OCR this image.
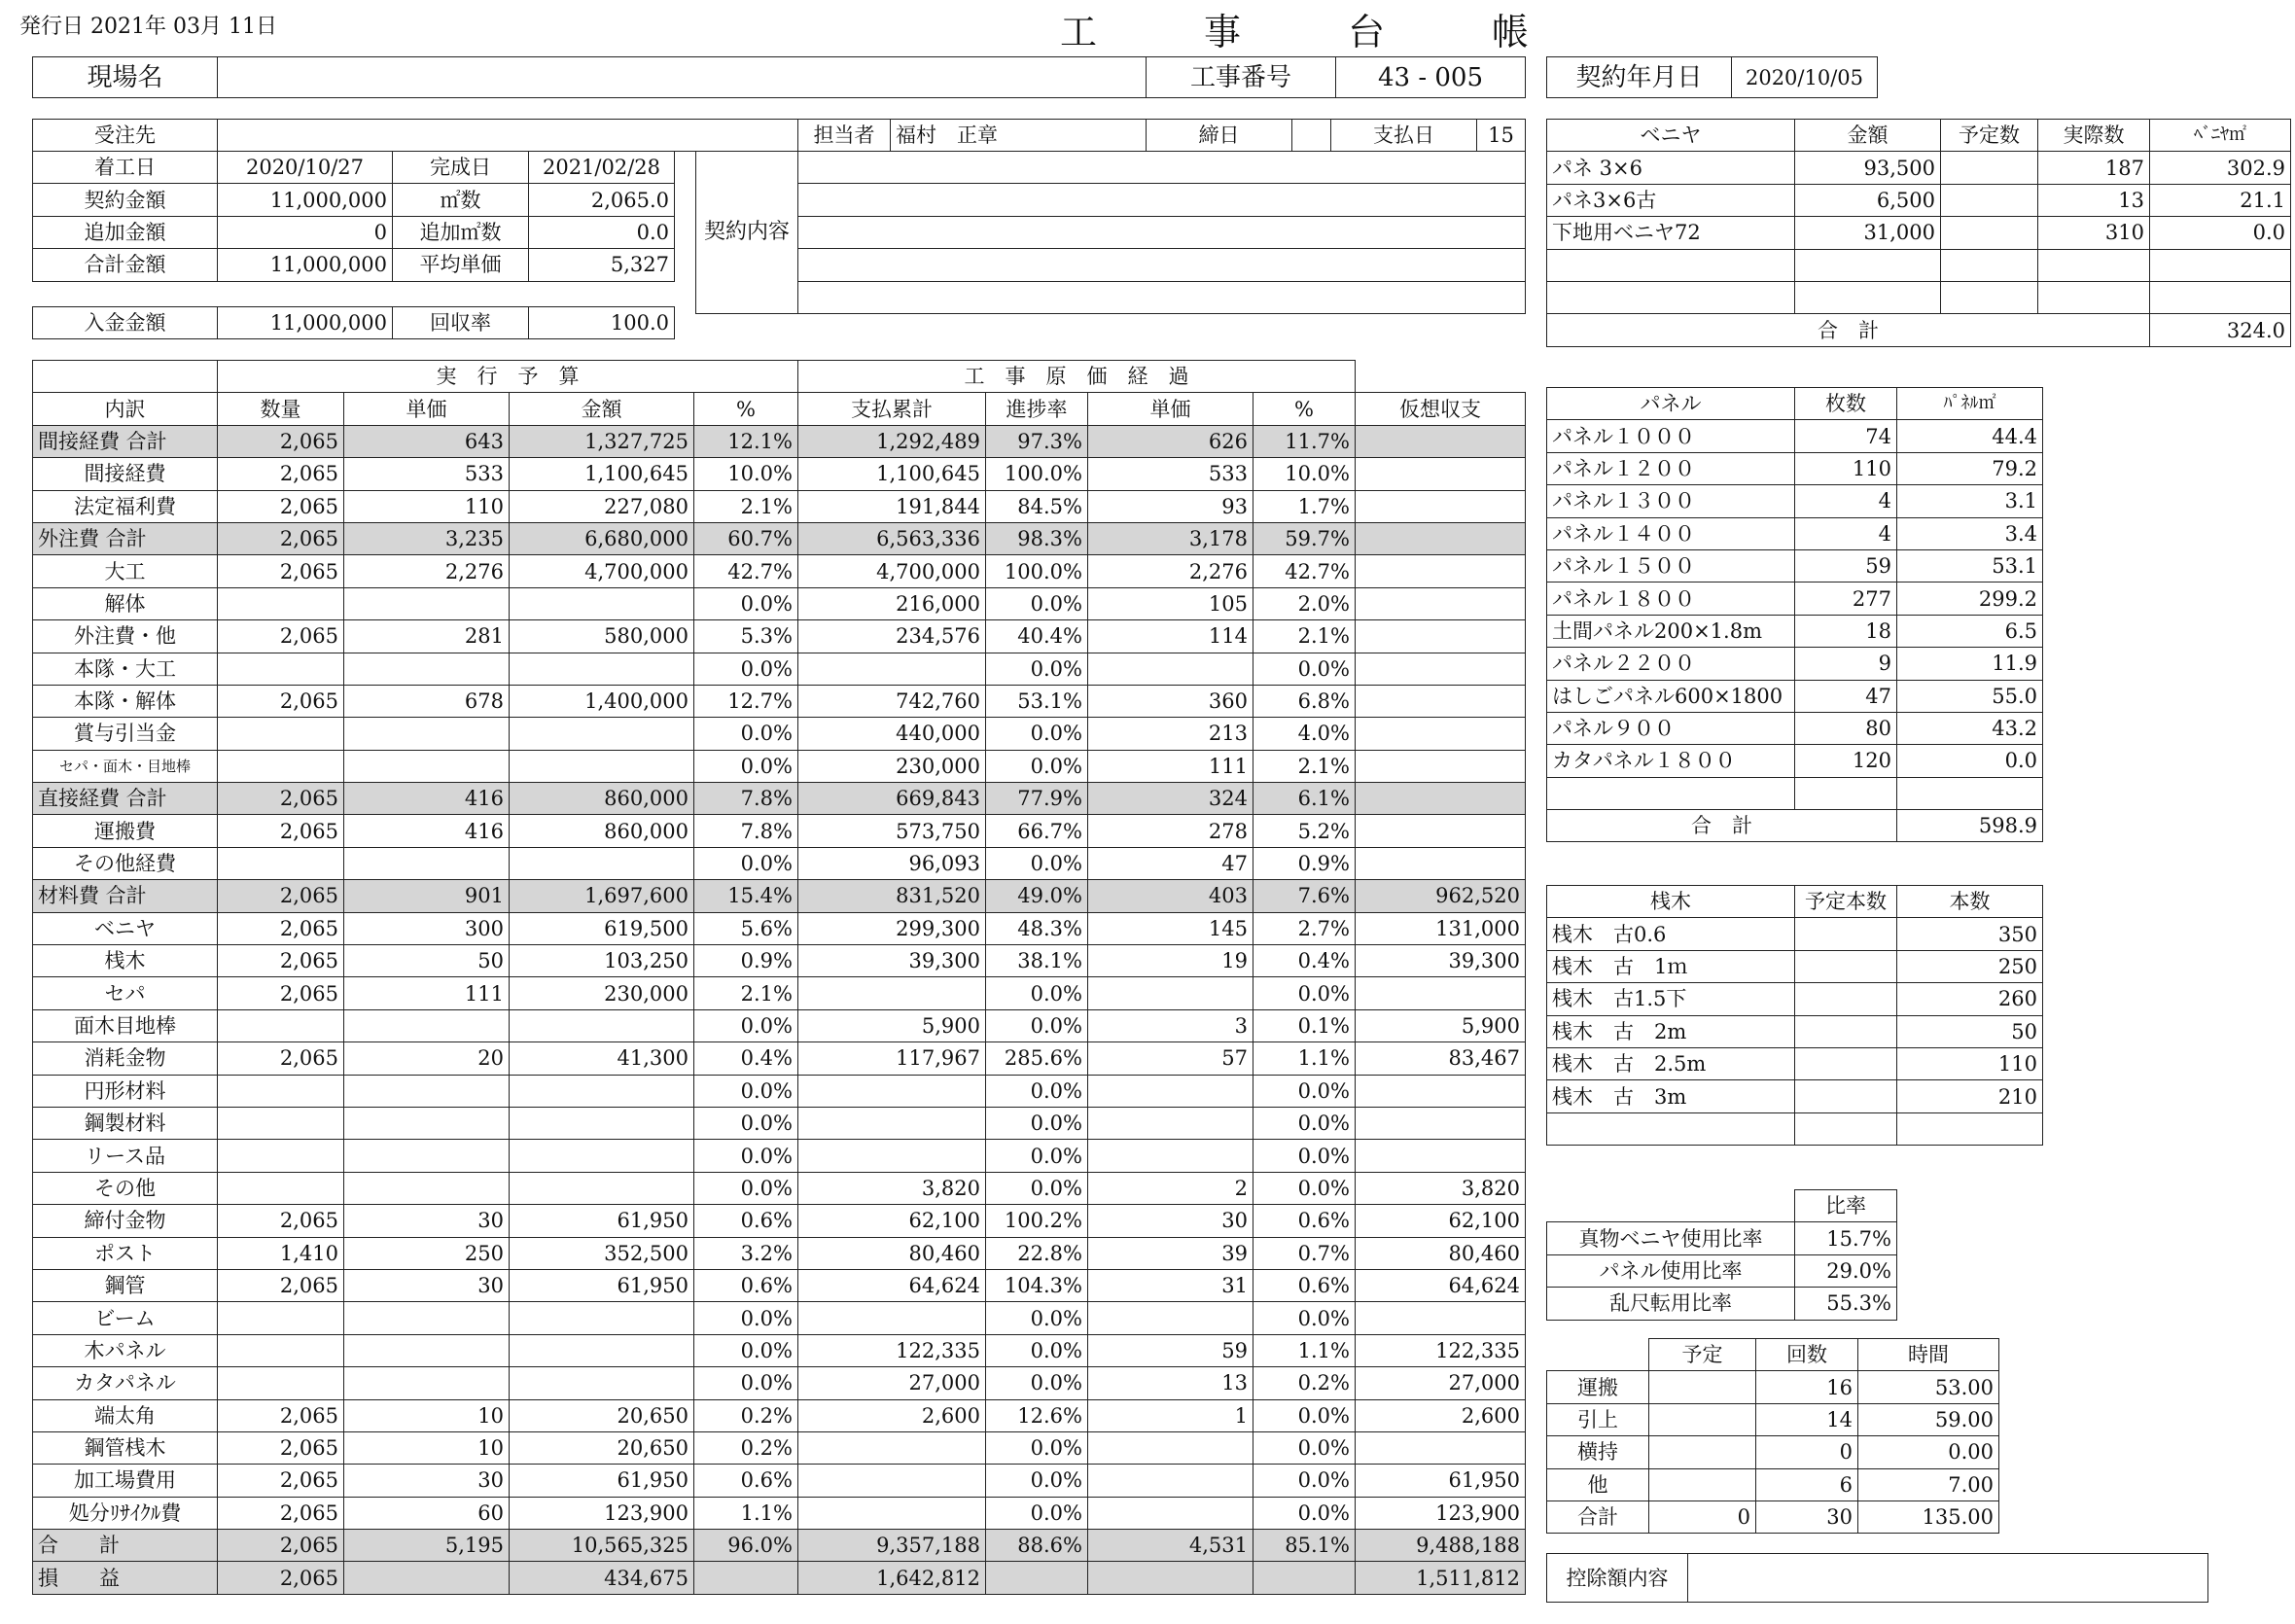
発行日 2021年 03月 11日	工　事　台　帳
現場名		工事番号	43 - 005	契約年月日	2020/10/05
受注先		担当者	福村　正章	締日		支払日	15
着工日	2020/10/27	完成日	2021/02/28
契約金額	11,000,000	㎡数	2,065.0
追加金額	0	追加㎡数	0.0
合計金額	11,000,000	平均単価	5,327
契約内容	

入金金額	11,000,000	回収率	100.0
	実　行　予　算				工　事　原　価　経　過				
内訳	数量	単価	金額	%	支払累計	進捗率	単価	%	仮想収支
間接経費 合計	2,065	643	1,327,725	12.1%	1,292,489	97.3%	626	11.7%	
間接経費	2,065	533	1,100,645	10.0%	1,100,645	100.0%	533	10.0%	
法定福利費	2,065	110	227,080	2.1%	191,844	84.5%	93	1.7%	
外注費 合計	2,065	3,235	6,680,000	60.7%	6,563,336	98.3%	3,178	59.7%	
大工	2,065	2,276	4,700,000	42.7%	4,700,000	100.0%	2,276	42.7%	
解体				0.0%	216,000	0.0%	105	2.0%	
外注費・他	2,065	281	580,000	5.3%	234,576	40.4%	114	2.1%	
本隊・大工				0.0%		0.0%		0.0%	
本隊・解体	2,065	678	1,400,000	12.7%	742,760	53.1%	360	6.8%	
賞与引当金				0.0%	440,000	0.0%	213	4.0%	
セパ・面木・目地棒				0.0%	230,000	0.0%	111	2.1%	
直接経費 合計	2,065	416	860,000	7.8%	669,843	77.9%	324	6.1%	
運搬費	2,065	416	860,000	7.8%	573,750	66.7%	278	5.2%	
その他経費				0.0%	96,093	0.0%	47	0.9%	
材料費 合計	2,065	901	1,697,600	15.4%	831,520	49.0%	403	7.6%	962,520
ベニヤ	2,065	300	619,500	5.6%	299,300	48.3%	145	2.7%	131,000
桟木	2,065	50	103,250	0.9%	39,300	38.1%	19	0.4%	39,300
セパ	2,065	111	230,000	2.1%		0.0%		0.0%	
面木目地棒				0.0%	5,900	0.0%	3	0.1%	5,900
消耗金物	2,065	20	41,300	0.4%	117,967	285.6%	57	1.1%	83,467
円形材料				0.0%		0.0%		0.0%	
鋼製材料				0.0%		0.0%		0.0%	
リース品				0.0%		0.0%		0.0%	
その他				0.0%	3,820	0.0%	2	0.0%	3,820
締付金物	2,065	30	61,950	0.6%	62,100	100.2%	30	0.6%	62,100
ポスト	1,410	250	352,500	3.2%	80,460	22.8%	39	0.7%	80,460
鋼管	2,065	30	61,950	0.6%	64,624	104.3%	31	0.6%	64,624
ビーム				0.0%		0.0%		0.0%	
木パネル				0.0%	122,335	0.0%	59	1.1%	122,335
カタパネル				0.0%	27,000	0.0%	13	0.2%	27,000
端太角	2,065	10	20,650	0.2%	2,600	12.6%	1	0.0%	2,600
鋼管桟木	2,065	10	20,650	0.2%		0.0%		0.0%	
加工場費用	2,065	30	61,950	0.6%		0.0%		0.0%	61,950
処分ﾘｻｲｸﾙ費	2,065	60	123,900	1.1%		0.0%		0.0%	123,900
合　　計	2,065	5,195	10,565,325	96.0%	9,357,188	88.6%	4,531	85.1%	9,488,188
損　　益	2,065		434,675		1,642,812				1,511,812
ベニヤ	金額	予定数	実際数	ﾍﾞﾆﾔ㎡
パネ 3×6	93,500		187	302.9
パネ3×6古	6,500		13	21.1
下地用ベニヤ72	31,000		310	0.0

合　計				324.0
パネル	枚数	ﾊﾟﾈﾙ㎡
パネル１０００	74	44.4
パネル１２００	110	79.2
パネル１３００	4	3.1
パネル１４００	4	3.4
パネル１５００	59	53.1
パネル１８００	277	299.2
土間パネル200×1.8m	18	6.5
パネル２２００	9	11.9
はしごパネル600×1800	47	55.0
パネル９００	80	43.2
カタパネル１８００	120	0.0

合　計		598.9
桟木	予定本数	本数
桟木　古0.6		350
桟木　古　1ｍ		250
桟木　古1.5下		260
桟木　古　2m		50
桟木　古　2.5m		110
桟木　古　3m		210

	比率
真物ベニヤ使用比率	15.7%
パネル使用比率	29.0%
乱尺転用比率	55.3%
	予定	回数	時間
運搬		16	53.00
引上		14	59.00
横持		0	0.00
他		6	7.00
合計	0	30	135.00
控除額内容	
